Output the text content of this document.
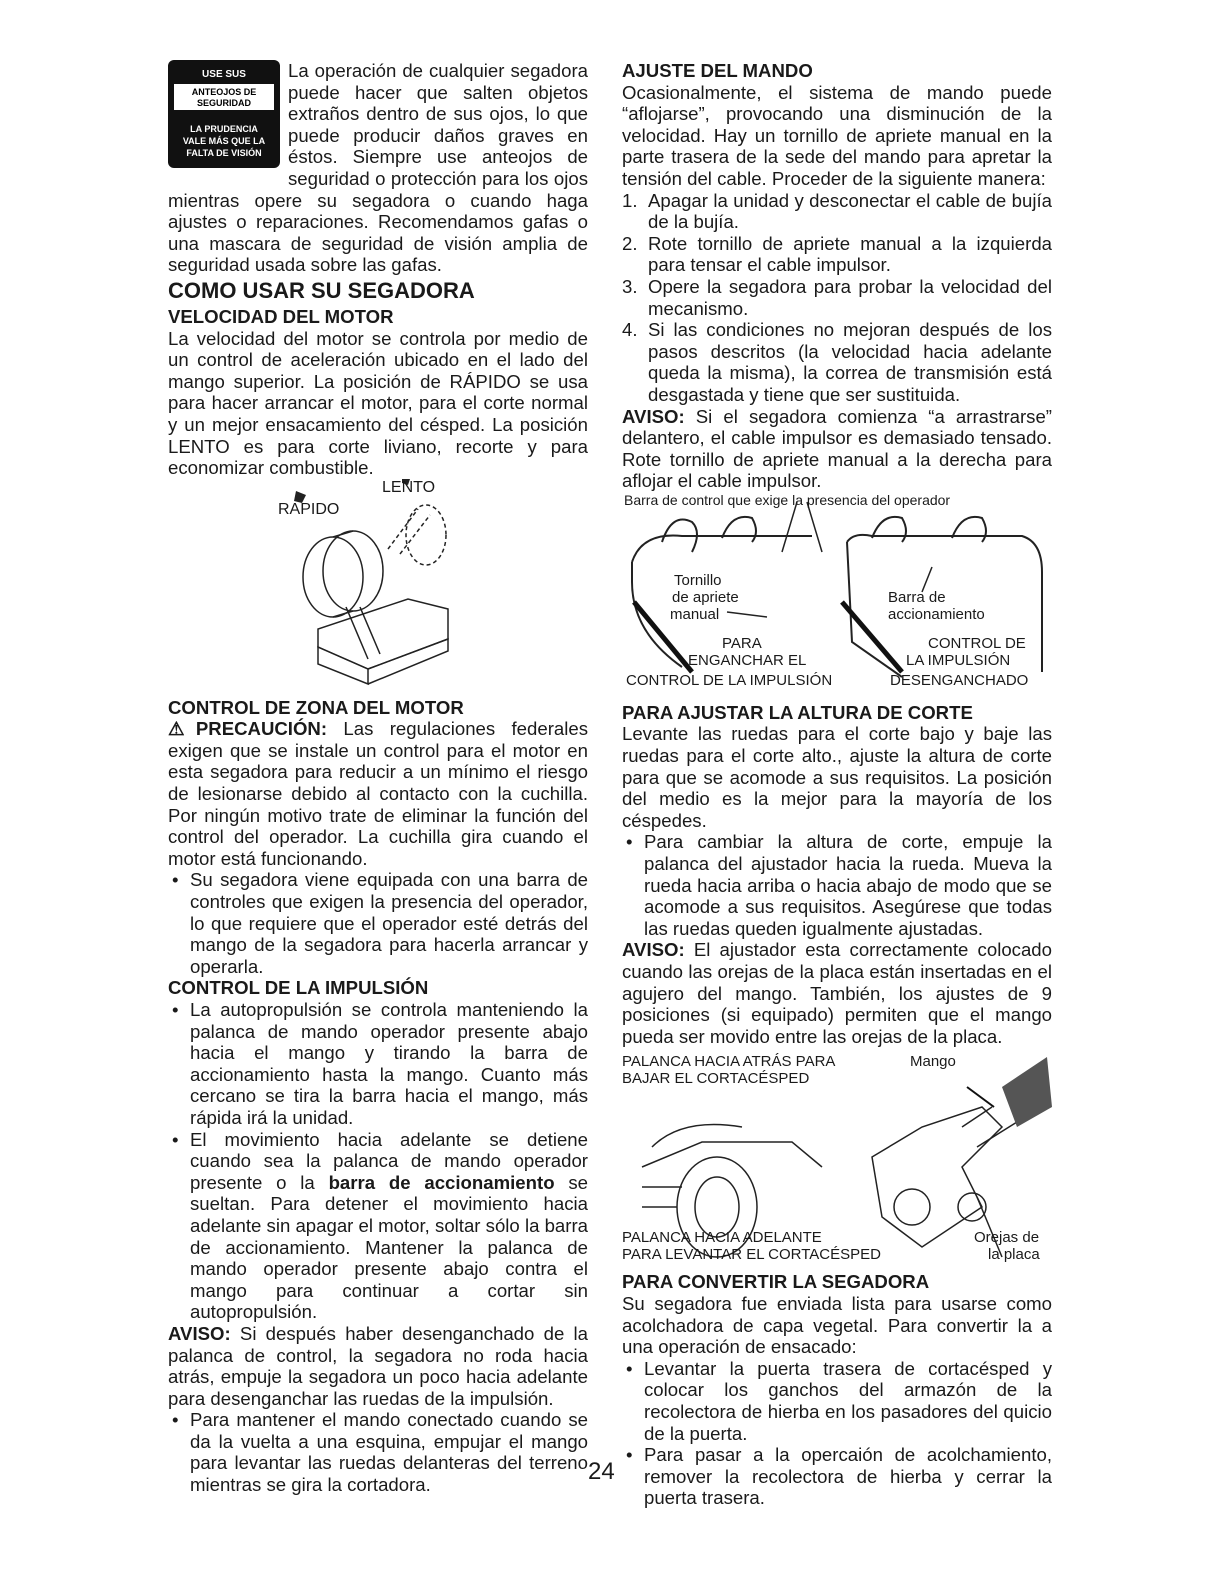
USE SUS
ANTEOJOS DE
SEGURIDAD
LA PRUDENCIA
VALE MÁS QUE LA
FALTA DE VISIÓN

La operación de cualquier segadora puede hacer que salten objetos extraños dentro de sus ojos, lo que puede producir daños graves en éstos. Siempre use anteojos de seguridad o protección para los ojos mientras opere su segadora o cuando haga ajustes o reparaciones. Recomendamos gafas o una mascara de seguridad de visión amplia de seguridad usada sobre las gafas.

COMO USAR SU SEGADORA
VELOCIDAD DEL MOTOR

La velocidad del motor se controla por medio de un control de aceleración ubicado en el lado del mango superior. La posición de RÁPIDO se usa para hacer arrancar el motor, para el corte normal y un mejor ensacamiento del césped. La posición LENTO es para corte liviano, recorte y para economizar combustible.

LENTO
RAPIDO
CONTROL DE ZONA DEL MOTOR

⚠PRECAUCIÓN: Las regulaciones federales exigen que se instale un control para el motor en esta segadora para reducir a un mínimo el riesgo de lesionarse debido al contacto con la cuchilla. Por ningún motivo trate de eliminar la función del control del operador. La cuchilla gira cuando el motor está funcionando.

• Su segadora viene equipada con una barra de controles que exigen la presencia del operador, lo que requiere que el operador esté detrás del mango de la segadora para hacerla arrancar y operarla.
CONTROL DE LA IMPULSIÓN
• La autopropulsión se controla manteniendo la palanca de mando operador presente abajo hacia el mango y tirando la barra de accionamiento hasta la mango. Cuanto más cercano se tira la barra hacia el mango, más rápida irá la unidad.
• El movimiento hacia adelante se detiene cuando sea la palanca de mando operador presente o la barra de accionamiento se sueltan. Para detener el movimiento hacia adelante sin apagar el motor, soltar sólo la barra de accionamiento. Mantener la palanca de mando operador presente abajo contra el mango para continuar a cortar sin autopropulsión.

AVISO: Si después haber desenganchado de la palanca de control, la segadora no roda hacia atrás, empuje la segadora un poco hacia adelante para desenganchar las ruedas de la impulsión.

• Para mantener el mando conectado cuando se da la vuelta a una esquina, empujar el mango para levantar las ruedas delanteras del terreno mientras se gira la cortadora.	24
AJUSTE DEL MANDO

Ocasionalmente, el sistema de mando puede “aflojarse”, provocando una disminución de la velocidad. Hay un tornillo de apriete manual en la parte trasera de la sede del mando para apretar la tensión del cable. Proceder de la siguiente manera:

1. Apagar la unidad y desconectar el cable de bujía de la bujía.
2. Rote tornillo de apriete manual a la izquierda para tensar el cable impulsor.
3. Opere la segadora para probar la velocidad del mecanismo.
4. Si las condiciones no mejoran después de los pasos descritos (la velocidad hacia adelante queda la misma), la correa de transmisión está desgastada y tiene que ser sustituida.

AVISO: Si el segadora comienza “a arrastrarse” delantero, el cable impulsor es demasiado tensado. Rote tornillo de apriete manual a la derecha para aflojar el cable impulsor.

Barra de control que exige la presencia del operador
Tornillo
de apriete
manual
Barra de
accionamiento
PARA
ENGANCHAR EL
CONTROL DE
LA IMPULSIÓN
CONTROL DE LA IMPULSIÓN	DESENGANCHADO
PARA AJUSTAR LA ALTURA DE CORTE

Levante las ruedas para el corte bajo y baje las ruedas para el corte alto., ajuste la altura de corte para que se acomode a sus requisitos. La posición del medio es la mejor para la mayoría de los céspedes.

• Para cambiar la altura de corte, empuje la palanca del ajustador hacia la rueda. Mueva la rueda hacia arriba o hacia abajo de modo que se acomode a sus requisitos. Asegúrese que todas las ruedas queden igualmente ajustadas.

AVISO: El ajustador esta correctamente colocado cuando las orejas de la placa están insertadas en el agujero del mango. También, los ajustes de 9 posiciones (si equipado) permiten que el mango pueda ser movido entre las orejas de la placa.

PALANCA HACIA ATRÁS PARA
BAJAR EL CORTACÉSPED
Mango
PALANCA HACIA ADELANTE
PARA LEVANTAR EL CORTACÉSPED
Orejas de
la placa
PARA CONVERTIR LA SEGADORA

Su segadora fue enviada lista para usarse como acolchadora de capa vegetal. Para convertir la a una operación de ensacado:

• Levantar la puerta trasera de cortacésped y colocar los ganchos del armazón de la recolectora de hierba en los pasadores del quicio de la puerta.
• Para pasar a la opercaión de acolchamiento, remover la recolectora de hierba y cerrar la puerta trasera.
